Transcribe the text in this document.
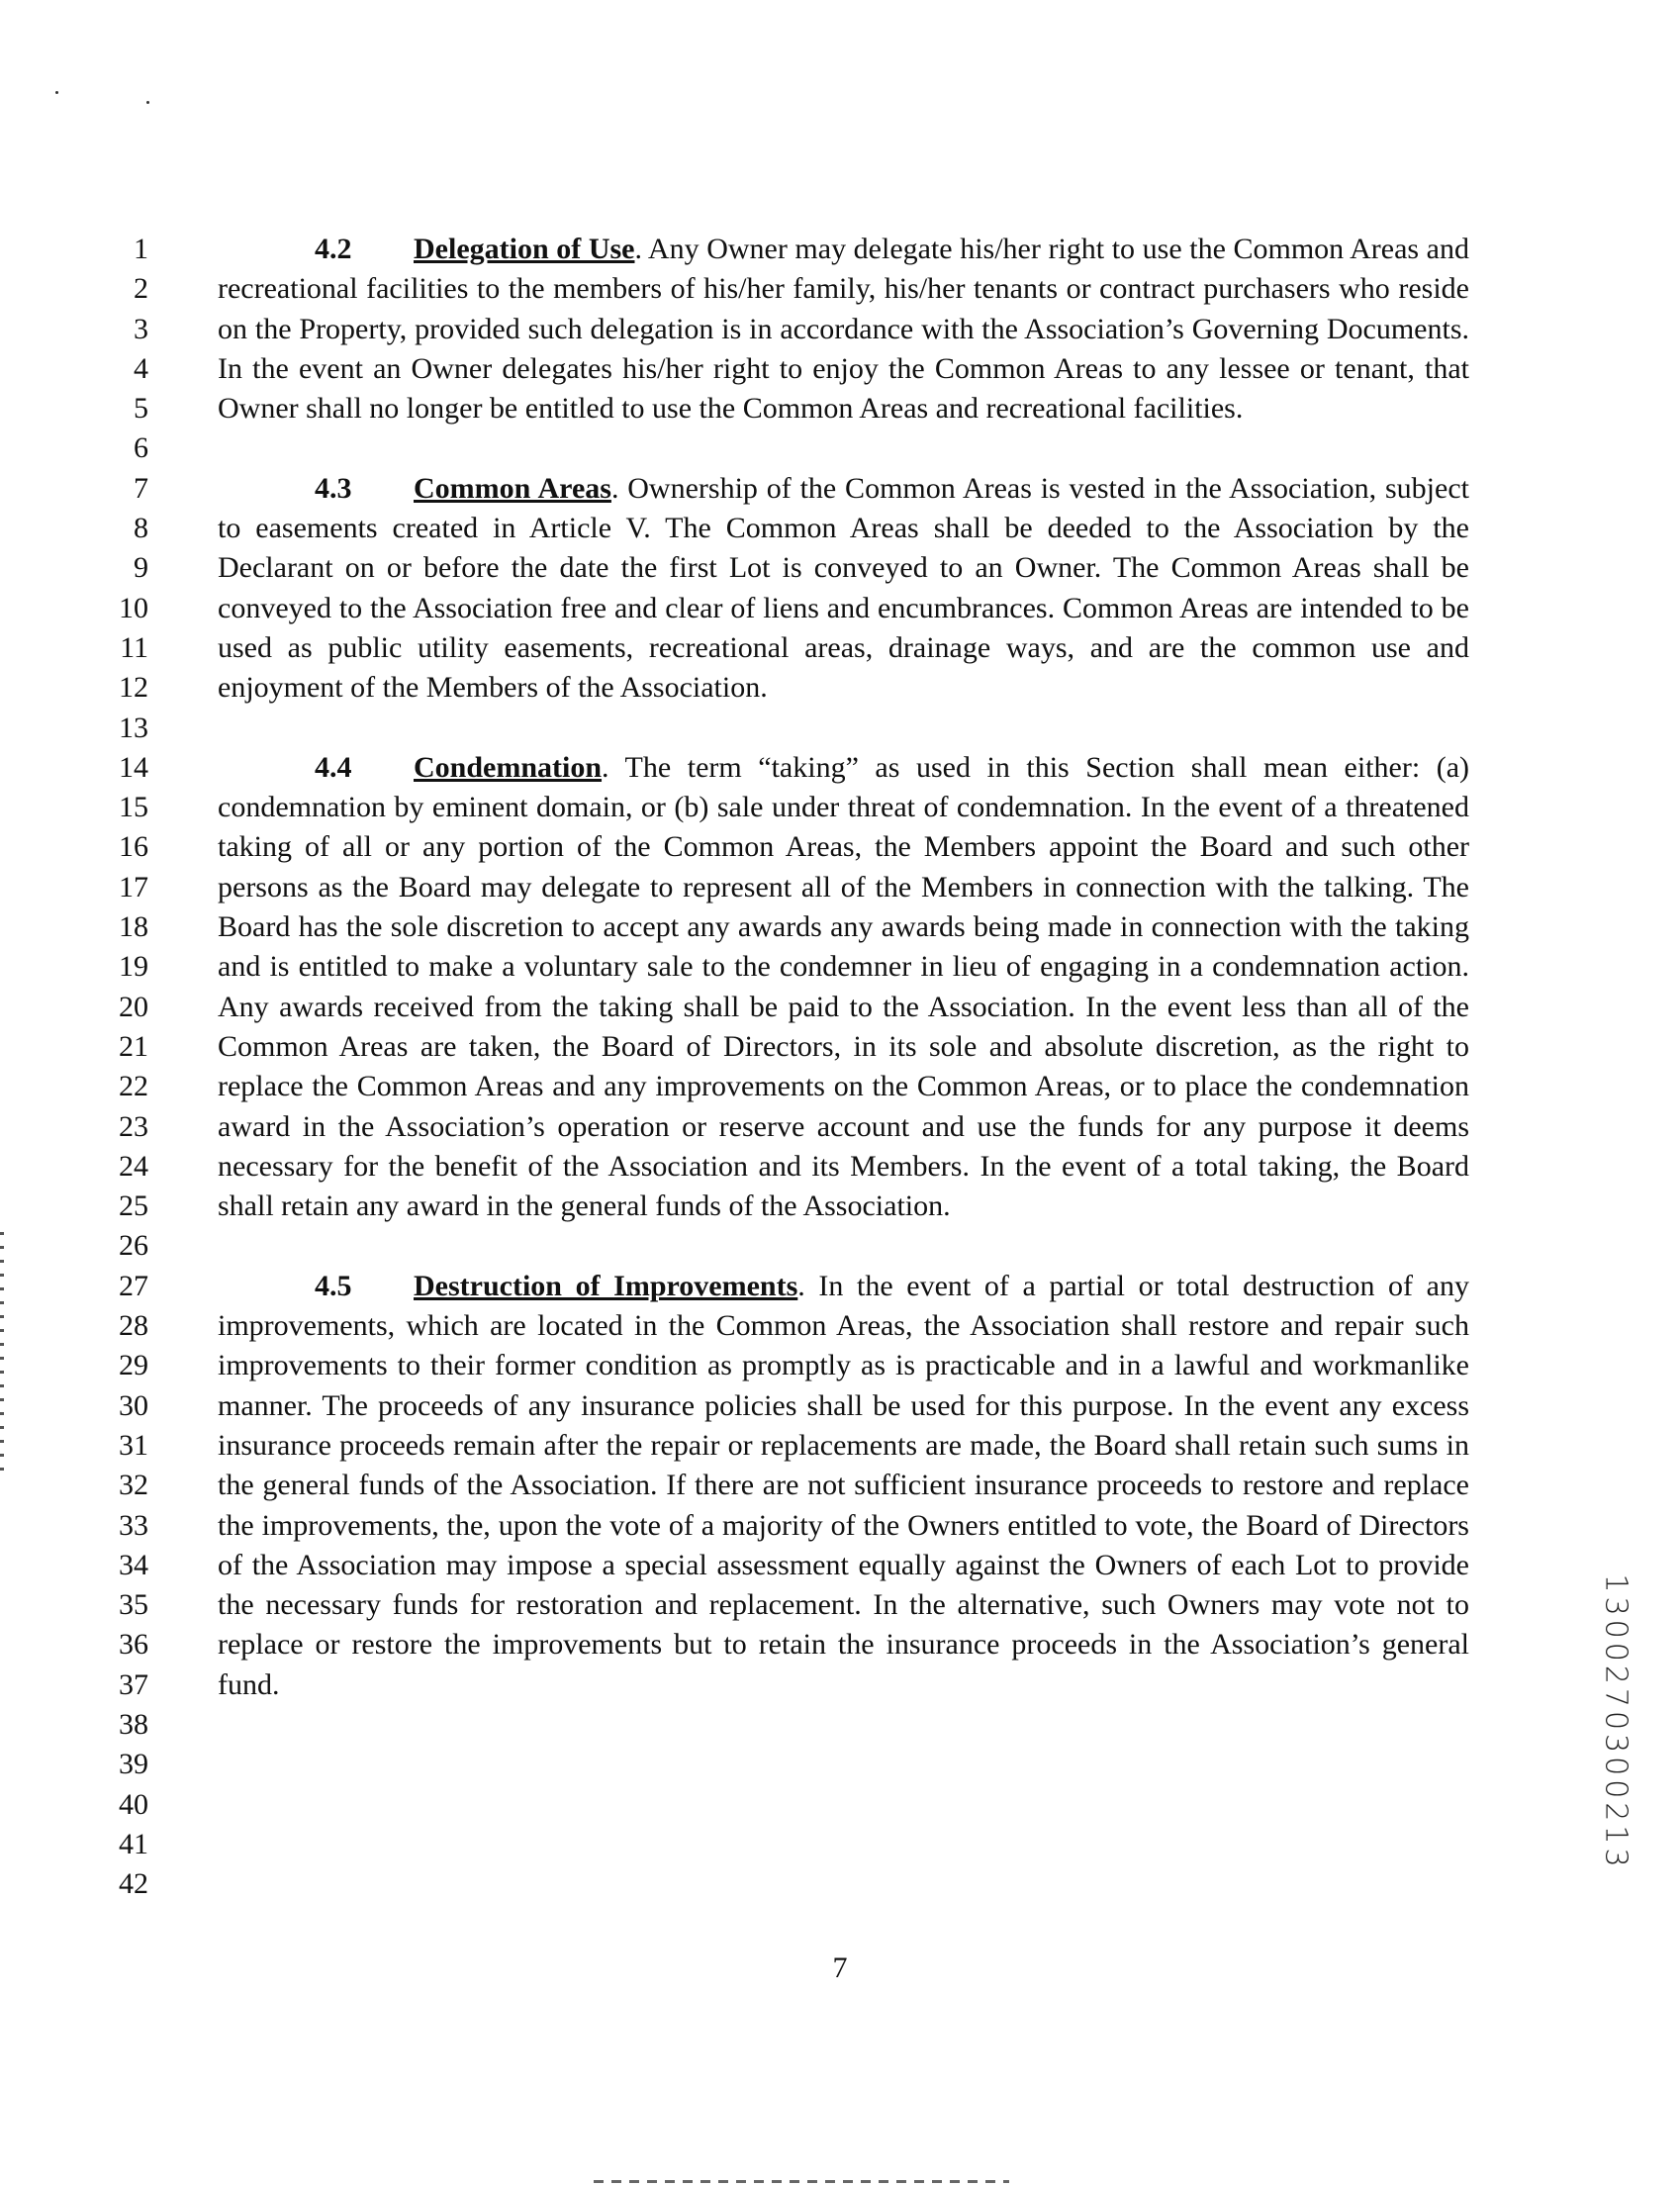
1
2
3
4
5
6
7
8
9
10
11
12
13
14
15
16
17
18
19
20
21
22
23
24
25
26
27
28
29
30
31
32
33
34
35
36
37
38
39
40
41
42

4.2 Delegation of Use. Any Owner may delegate his/her right to use the Common Areas and recreational facilities to the members of his/her family, his/her tenants or contract purchasers who reside on the Property, provided such delegation is in accordance with the Association’s Governing Documents. In the event an Owner delegates his/her right to enjoy the Common Areas to any lessee or tenant, that Owner shall no longer be entitled to use the Common Areas and recreational facilities.

4.3 Common Areas. Ownership of the Common Areas is vested in the Association, subject to easements created in Article V. The Common Areas shall be deeded to the Association by the Declarant on or before the date the first Lot is conveyed to an Owner. The Common Areas shall be conveyed to the Association free and clear of liens and encumbrances. Common Areas are intended to be used as public utility easements, recreational areas, drainage ways, and are the common use and enjoyment of the Members of the Association.

4.4 Condemnation. The term “taking” as used in this Section shall mean either: (a) condemnation by eminent domain, or (b) sale under threat of condemnation. In the event of a threatened taking of all or any portion of the Common Areas, the Members appoint the Board and such other persons as the Board may delegate to represent all of the Members in connection with the talking. The Board has the sole discretion to accept any awards any awards being made in connection with the taking and is entitled to make a voluntary sale to the condemner in lieu of engaging in a condemnation action. Any awards received from the taking shall be paid to the Association. In the event less than all of the Common Areas are taken, the Board of Directors, in its sole and absolute discretion, as the right to replace the Common Areas and any improvements on the Common Areas, or to place the condemnation award in the Association’s operation or reserve account and use the funds for any purpose it deems necessary for the benefit of the Association and its Members. In the event of a total taking, the Board shall retain any award in the general funds of the Association.

4.5 Destruction of Improvements. In the event of a partial or total destruction of any improvements, which are located in the Common Areas, the Association shall restore and repair such improvements to their former condition as promptly as is practicable and in a lawful and workmanlike manner. The proceeds of any insurance policies shall be used for this purpose. In the event any excess insurance proceeds remain after the repair or replacements are made, the Board shall retain such sums in the general funds of the Association. If there are not sufficient insurance proceeds to restore and replace the improvements, the, upon the vote of a majority of the Owners entitled to vote, the Board of Directors of the Association may impose a special assessment equally against the Owners of each Lot to provide the necessary funds for restoration and replacement. In the alternative, such Owners may vote not to replace or restore the improvements but to retain the insurance proceeds in the Association’s general fund.

7
1300270300213
